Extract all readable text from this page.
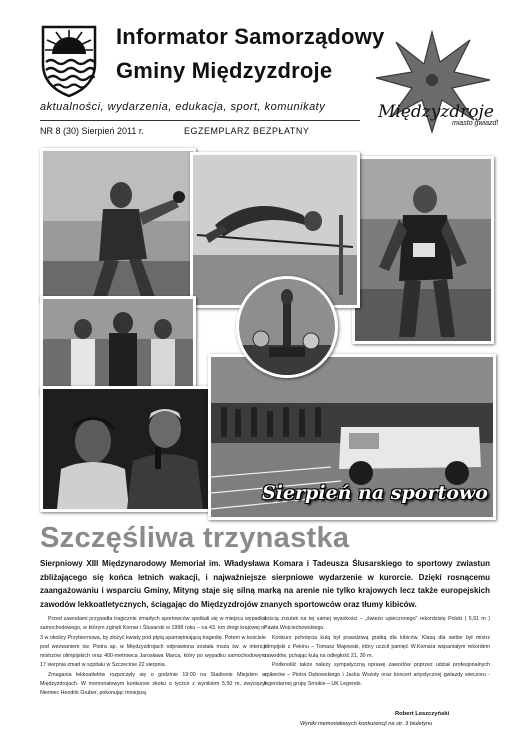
Informator Samorządowy
Gminy Międzyzdroje
aktualności, wydarzenia, edukacja, sport, komunikaty
NR 8 (30) Sierpień 2011 r.	EGZEMPLARZ BEZPŁATNY
Międzyzdroje
miasto gwiazd!
Sierpień na sportowo
Szczęśliwa trzynastka

Sierpniowy XIII Międzynarodowy Memoriał im. Władysława Komara i Tadeusza Ślusarskiego to sportowy zwiastun zbliżającego się końca letnich wakacji, i najważniejsze sierpniowe wydarzenie w kurorcie. Dzięki rosnącemu zaangażowaniu i wsparciu Gminy, Mityng staje się silną marką na arenie nie tylko krajowych lecz także europejskich zawodów lekkoatletycznych, ściągając do Międzyzdrojów znanych sportowców oraz tłumy kibiców.

Przed zawodami przypadła tragicznie zmarłych sportowców spotkali się w miejscu wypadku samochodowego, w którym zginęli Komar i Ślusarski w 1998 roku – na 43. km drogi krajowej nr 3 w okolicy Przybiernowa, by złożyć kwiaty pod płytą upamiętniającą tragedię. Potem w kościele pod wezwaniem św. Piotra ap. w Międzyzdrojach odprawiona została msza św. w intencji mistrzów olimpijskich oraz 400-metrowca Jarosława Marca, który po wypadku samochodowym 17 sierpnia zmarł w szpitalu w Szczecinie 22 sierpnia.

Zmagania lekkoatletów rozpoczęły się o godzinie 19:00 na Stadionie Miejskim w Międzyzdrojach. W memoriałowym konkursie skoku o tyczce z wynikiem 5,50 m, zwyciężył Niemiec Hendrik Gruber, pokonując mniejszą

ilością zrzutek na tej samej wysokości – „świeżo upieczonego" rekordzistę Polski ( 5,91 m ) Pawła Wojciechowskiego.

Konkurs pchnięcia kulą był prawdziwą gratką dla kibiców. Klasą dla siebie był mistrz olimpijski z Pekinu – Tomasz Majewski, który uczcił pamięć W.Komara wspaniałym rekordem zawodów, pchając kulą na odległość 21, 30 m.

Podkreślić także należy sympatyczną oprawę zawodów poprzez udział profesjonalnych spikerów – Piotra Dębowskiego i Jacka Wszoły oraz koncert artystycznej gwiazdy wieczoru - legendarnej grupy Smokie – UK Legends.

Robert Leszczyński
Wyniki memoriałowych konkurencji na str. 3 biuletynu
